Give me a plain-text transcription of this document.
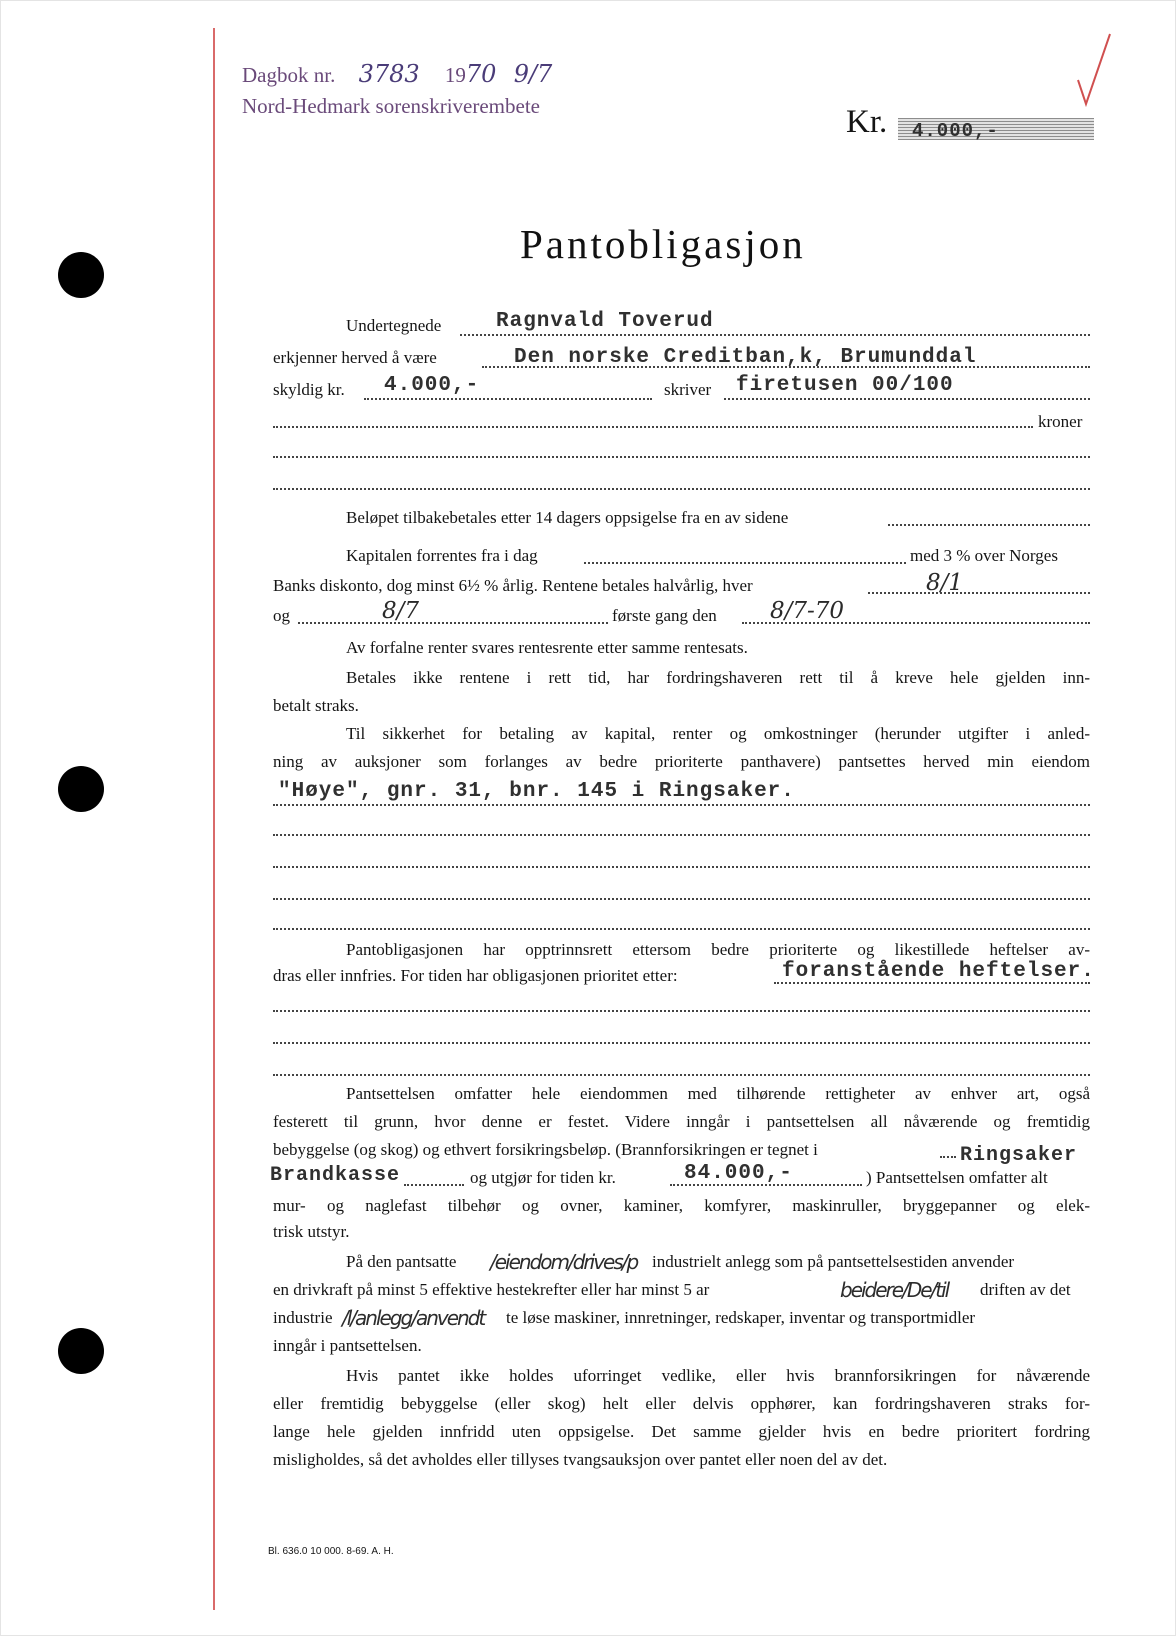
Dagbok nr. 3783 1970 9/7
Nord-Hedmark sorenskriverembete	Kr. 4.000,-
Pantobligasjon
Undertegnede	Ragnvald Toverud
erkjenner herved å være	Den norske Creditban,k, Brumunddal
skyldig kr. 4.000,-	skriver firetusen 00/100
kroner
Beløpet tilbakebetales etter 14 dagers oppsigelse fra en av sidene
Kapitalen forrentes fra i dag	med 3 % over Norges
Banks diskonto, dog minst 6½ % årlig. Rentene betales halvårlig, hver	8/1
og	8/7	første gang den 8/7-70
Av forfalne renter svares rentesrente etter samme rentesats.
Betales ikke rentene i rett tid, har fordringshaveren rett til å kreve hele gjelden inn-
betalt straks.
Til sikkerhet for betaling av kapital, renter og omkostninger (herunder utgifter i anled-
ning av auksjoner som forlanges av bedre prioriterte panthavere) pantsettes herved min eiendom
"Høye", gnr. 31, bnr. 145 i Ringsaker.
Pantobligasjonen har opptrinnsrett ettersom bedre prioriterte og likestillede heftelser av-
dras eller innfries. For tiden har obligasjonen prioritet etter:	foranstående heftelser.
Pantsettelsen omfatter hele eiendommen med tilhørende rettigheter av enhver art, også
festerett til grunn, hvor denne er festet. Videre inngår i pantsettelsen all nåværende og fremtidig
bebyggelse (og skog) og ethvert forsikringsbeløp. (Brannforsikringen er tegnet i	Ringsaker
Brandkasse	og utgjør for tiden kr.	84.000,-	) Pantsettelsen omfatter alt
mur- og naglefast tilbehør og ovner, kaminer, komfyrer, maskinruller, bryggepanner og elek-
trisk utstyr.
På den pantsatte /eiendom/drives/p industrielt anlegg som på pantsettelsestiden anvender
en drivkraft på minst 5 effektive hestekrefter eller har minst 5 ar	beidere/De/til driften av det
industrie /l/anlegg/anvendt te løse maskiner, innretninger, redskaper, inventar og transportmidler
inngår i pantsettelsen.
Hvis pantet ikke holdes uforringet vedlike, eller hvis brannforsikringen for nåværende
eller fremtidig bebyggelse (eller skog) helt eller delvis opphører, kan fordringshaveren straks for-
lange hele gjelden innfridd uten oppsigelse. Det samme gjelder hvis en bedre prioritert fordring
misligholdes, så det avholdes eller tillyses tvangsauksjon over pantet eller noen del av det.
Bl. 636.0 10 000. 8-69. A. H.
